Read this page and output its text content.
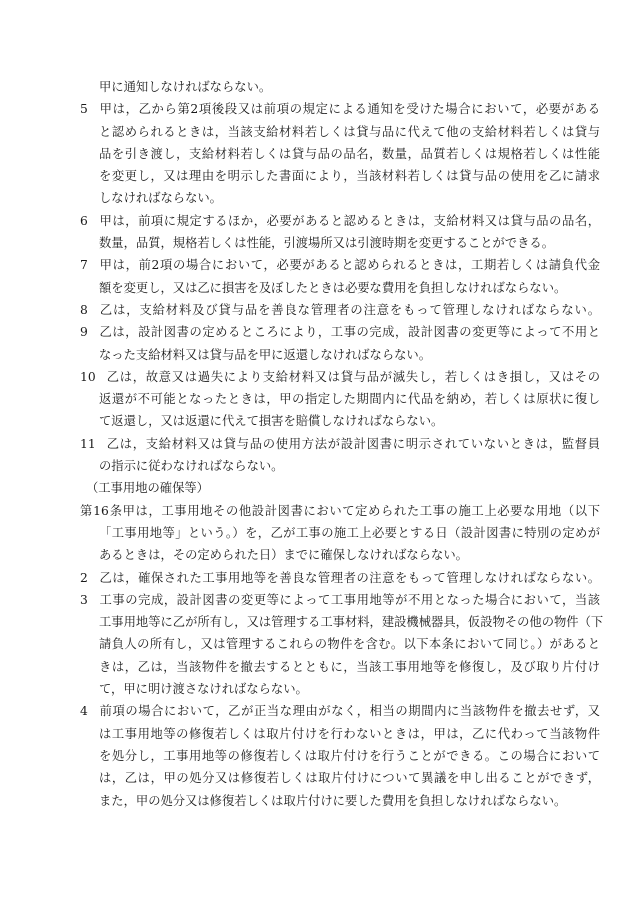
甲に通知しなければならない。
5 甲は，乙から第2項後段又は前項の規定による通知を受けた場合において，必要がある
と認められるときは，当該支給材料若しくは貸与品に代えて他の支給材料若しくは貸与
品を引き渡し，支給材料若しくは貸与品の品名，数量，品質若しくは規格若しくは性能
を変更し，又は理由を明示した書面により，当該材料若しくは貸与品の使用を乙に請求
しなければならない。
6 甲は，前項に規定するほか，必要があると認めるときは，支給材料又は貸与品の品名，
数量，品質，規格若しくは性能，引渡場所又は引渡時期を変更することができる。
7 甲は，前2項の場合において，必要があると認められるときは，工期若しくは請負代金
額を変更し，又は乙に損害を及ぼしたときは必要な費用を負担しなければならない。
8 乙は，支給材料及び貸与品を善良な管理者の注意をもって管理しなければならない。
9 乙は，設計図書の定めるところにより，工事の完成，設計図書の変更等によって不用と
なった支給材料又は貸与品を甲に返還しなければならない。
10 乙は，故意又は過失により支給材料又は貸与品が滅失し，若しくはき損し，又はその
返還が不可能となったときは，甲の指定した期間内に代品を納め，若しくは原状に復し
て返還し，又は返還に代えて損害を賠償しなければならない。
11 乙は，支給材料又は貸与品の使用方法が設計図書に明示されていないときは，監督員
の指示に従わなければならない。
（工事用地の確保等）
第16条甲は，工事用地その他設計図書において定められた工事の施工上必要な用地（以下
「工事用地等」という。）を，乙が工事の施工上必要とする日（設計図書に特別の定めが
あるときは，その定められた日）までに確保しなければならない。
2 乙は，確保された工事用地等を善良な管理者の注意をもって管理しなければならない。
3 工事の完成，設計図書の変更等によって工事用地等が不用となった場合において，当該
工事用地等に乙が所有し，又は管理する工事材料，建設機械器具，仮設物その他の物件（下
請負人の所有し，又は管理するこれらの物件を含む。以下本条において同じ。）があると
きは，乙は，当該物件を撤去するとともに，当該工事用地等を修復し，及び取り片付け
て，甲に明け渡さなければならない。
4 前項の場合において，乙が正当な理由がなく，相当の期間内に当該物件を撤去せず，又
は工事用地等の修復若しくは取片付けを行わないときは，甲は，乙に代わって当該物件
を処分し，工事用地等の修復若しくは取片付けを行うことができる。この場合において
は，乙は，甲の処分又は修復若しくは取片付けについて異議を申し出ることができず，
また，甲の処分又は修復若しくは取片付けに要した費用を負担しなければならない。
